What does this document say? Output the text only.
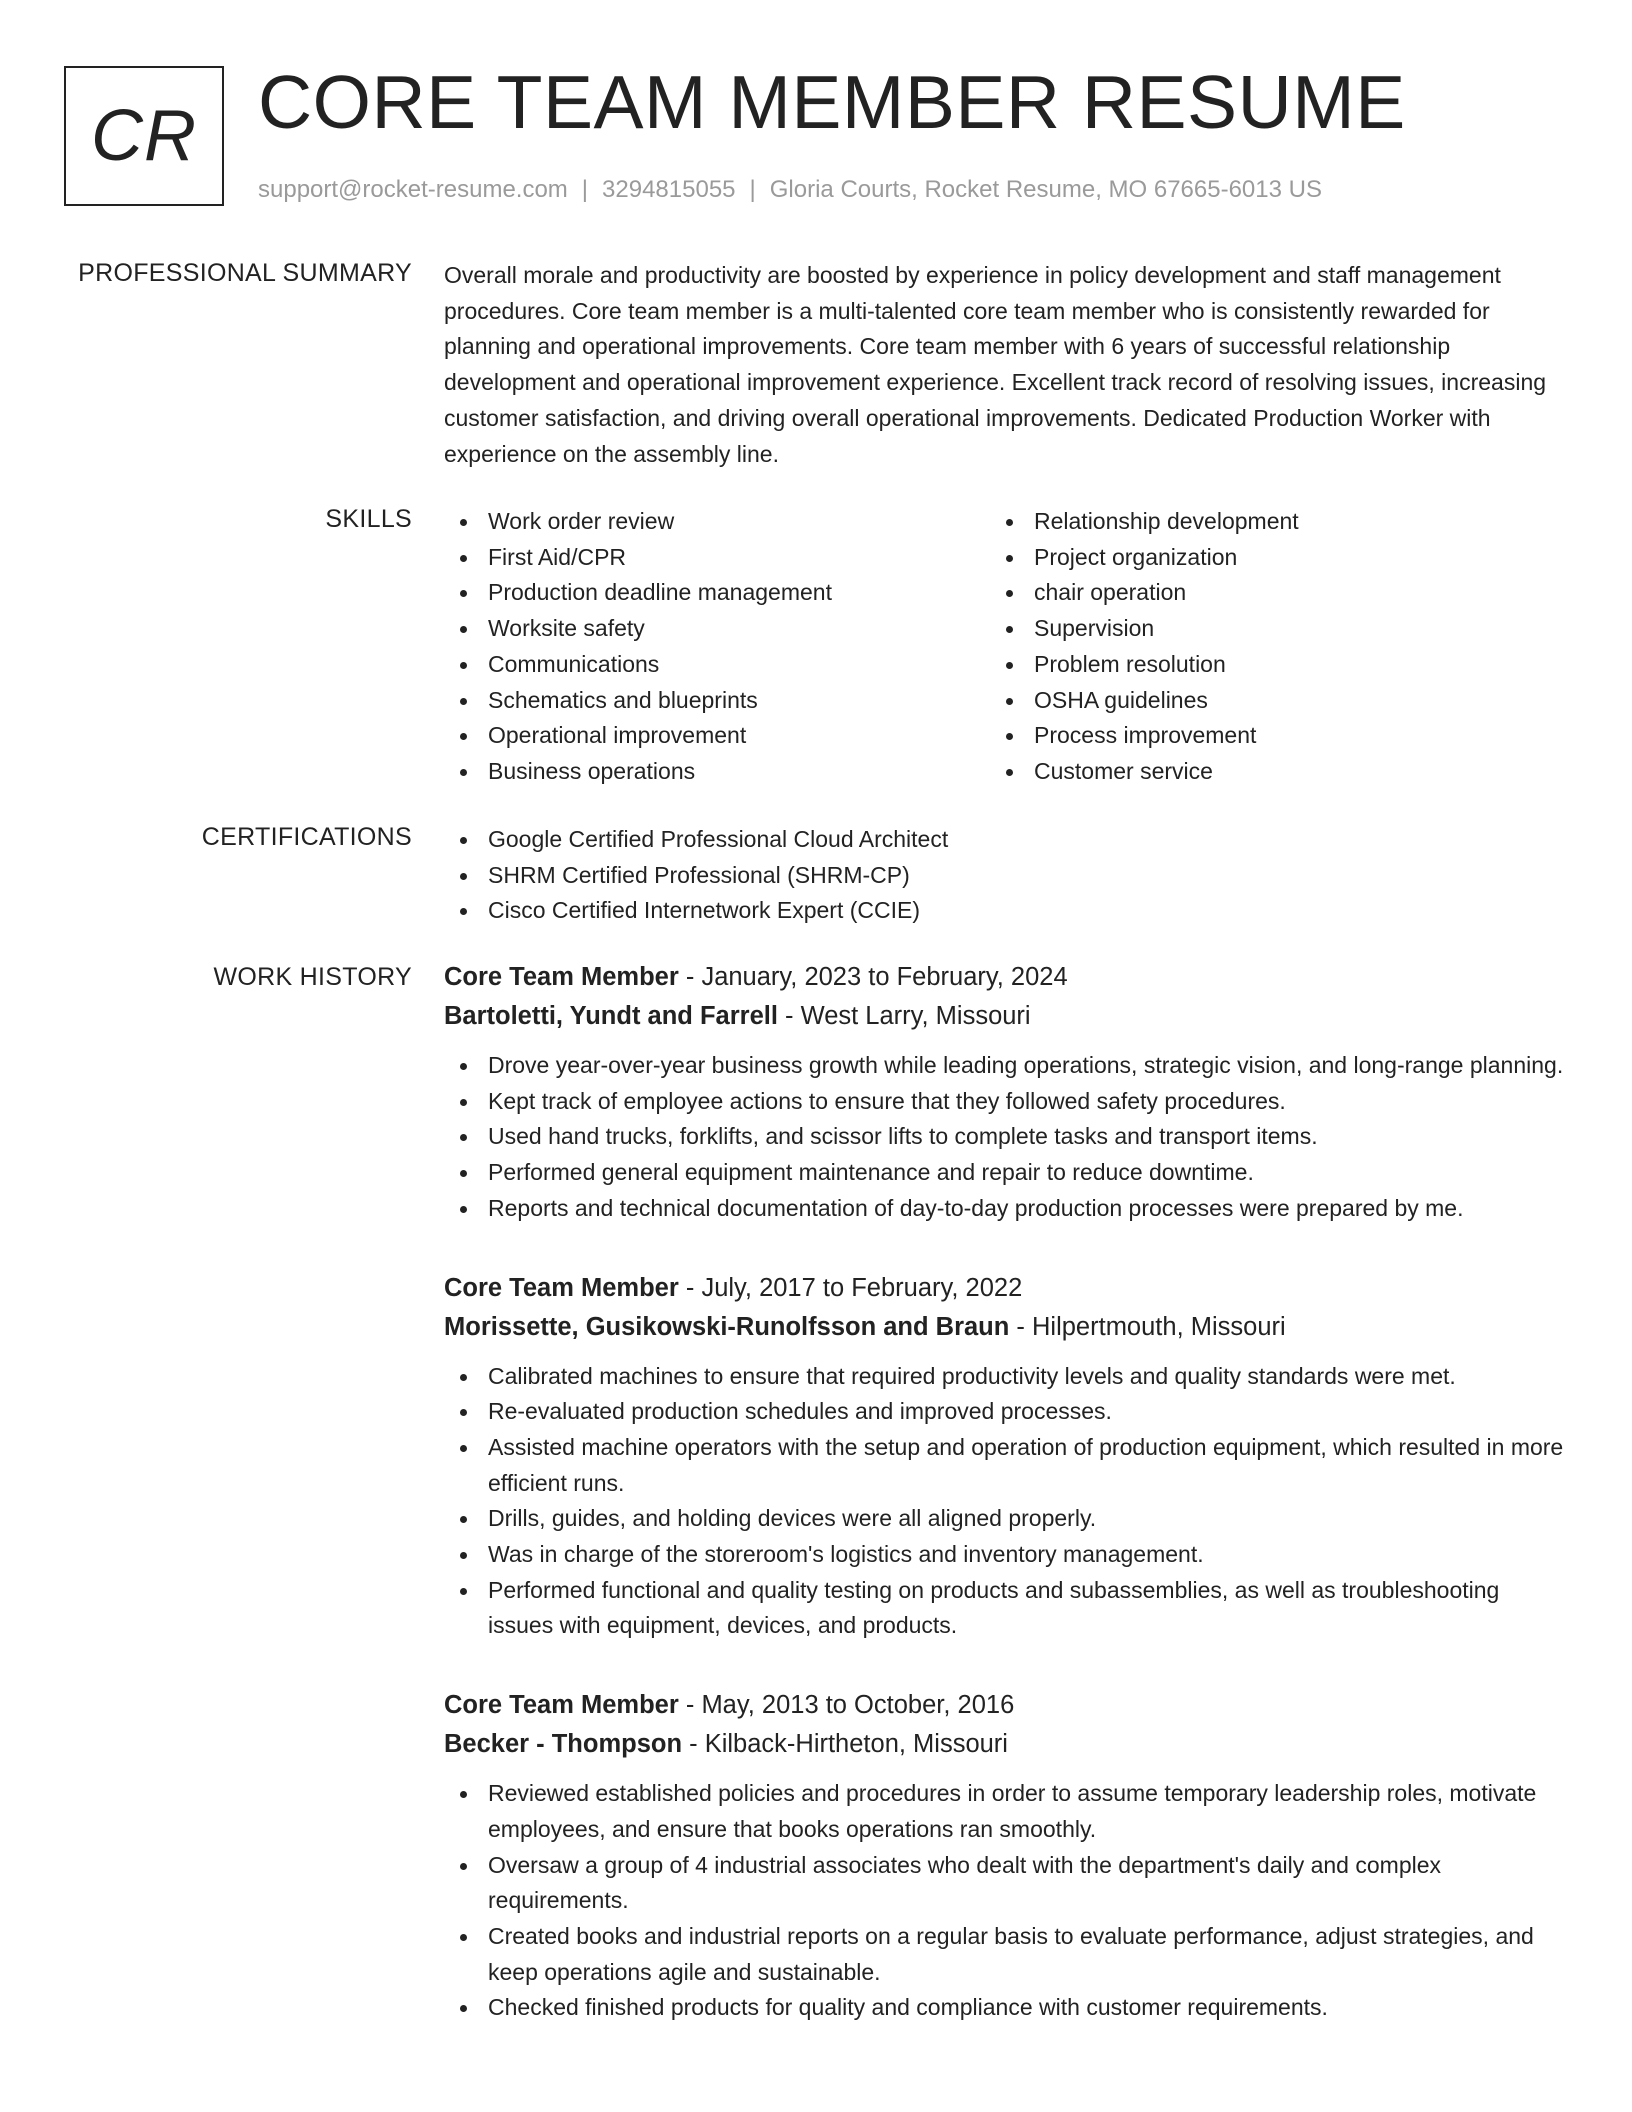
CR CORE TEAM MEMBER RESUME
support@rocket-resume.com | 3294815055 | Gloria Courts, Rocket Resume, MO 67665-6013 US
PROFESSIONAL SUMMARY Overall morale and productivity are boosted by experience in policy development and staff management procedures. Core team member is a multi-talented core team member who is consistently rewarded for planning and operational improvements. Core team member with 6 years of successful relationship development and operational improvement experience. Excellent track record of resolving issues, increasing customer satisfaction, and driving overall operational improvements. Dedicated Production Worker with experience on the assembly line.

SKILLS	Work order review
First Aid/CPR
Production deadline management
Worksite safety
Communications
Schematics and blueprints
Operational improvement
Business operations
Relationship development
Project organization
chair operation
Supervision
Problem resolution
OSHA guidelines
Process improvement
Customer service
CERTIFICATIONS	Google Certified Professional Cloud Architect
SHRM Certified Professional (SHRM-CP)
Cisco Certified Internetwork Expert (CCIE)
WORK HISTORY Core Team Member - January, 2023 to February, 2024
Bartoletti, Yundt and Farrell - West Larry, Missouri
Drove year-over-year business growth while leading operations, strategic vision, and long-range planning.
Kept track of employee actions to ensure that they followed safety procedures.
Used hand trucks, forklifts, and scissor lifts to complete tasks and transport items.
Performed general equipment maintenance and repair to reduce downtime.
Reports and technical documentation of day-to-day production processes were prepared by me.
Core Team Member - July, 2017 to February, 2022
Morissette, Gusikowski-Runolfsson and Braun - Hilpertmouth, Missouri
Calibrated machines to ensure that required productivity levels and quality standards were met.
Re-evaluated production schedules and improved processes.
Assisted machine operators with the setup and operation of production equipment, which resulted in more efficient runs.
Drills, guides, and holding devices were all aligned properly.
Was in charge of the storeroom's logistics and inventory management.
Performed functional and quality testing on products and subassemblies, as well as troubleshooting issues with equipment, devices, and products.
Core Team Member - May, 2013 to October, 2016
Becker - Thompson - Kilback-Hirtheton, Missouri
Reviewed established policies and procedures in order to assume temporary leadership roles, motivate employees, and ensure that books operations ran smoothly.
Oversaw a group of 4 industrial associates who dealt with the department's daily and complex requirements.
Created books and industrial reports on a regular basis to evaluate performance, adjust strategies, and keep operations agile and sustainable.
Checked finished products for quality and compliance with customer requirements.
